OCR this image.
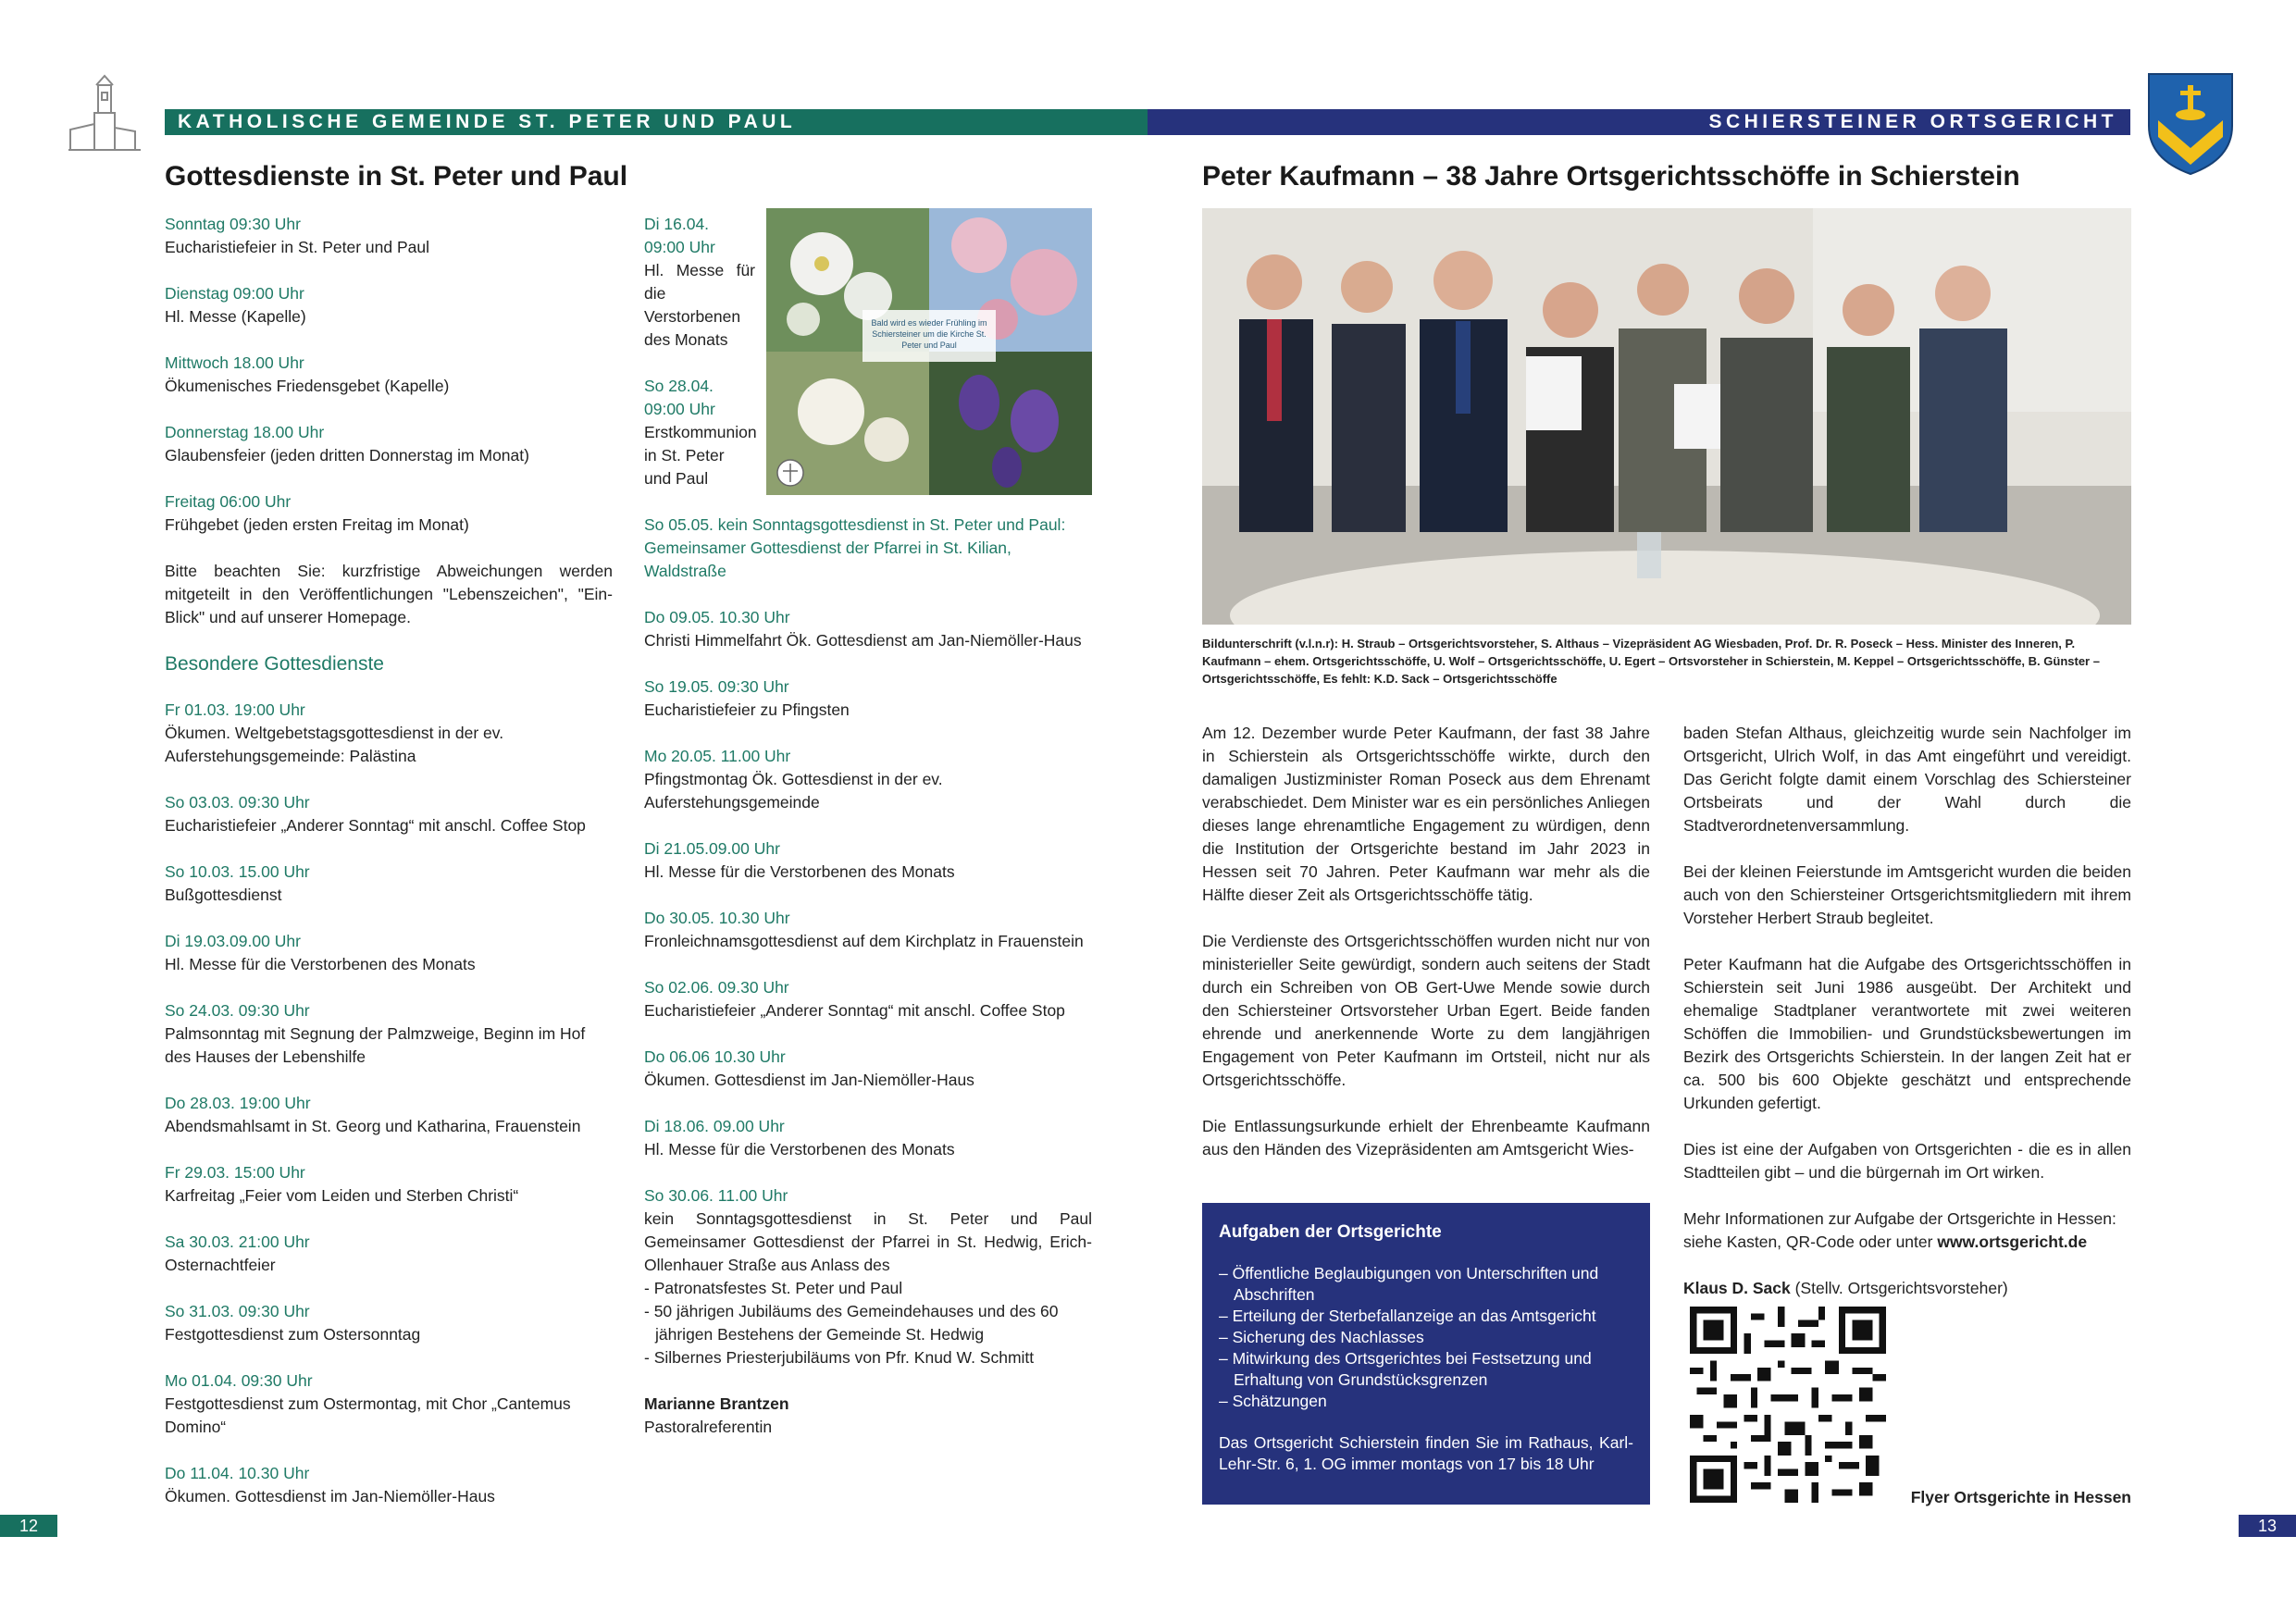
KATHOLISCHE GEMEINDE ST. PETER UND PAUL	SCHIERSTEINER ORTSGERICHT
Gottesdienste in St. Peter und Paul
Sonntag 09:30 Uhr
Eucharistiefeier in St. Peter und Paul
Dienstag 09:00 Uhr
Hl. Messe (Kapelle)
Mittwoch 18.00 Uhr
Ökumenisches Friedensgebet (Kapelle)
Donnerstag 18.00 Uhr
Glaubensfeier (jeden dritten Donnerstag im Monat)
Freitag 06:00 Uhr
Frühgebet (jeden ersten Freitag im Monat)

Bitte beachten Sie: kurzfristige Abweichungen werden mitgeteilt in den Veröffentlichungen "Lebenszeichen", "Ein-Blick" und auf unserer Homepage.

Besondere Gottesdienste
Fr 01.03. 19:00 Uhr
Ökumen. Weltgebetstagsgottesdienst in der ev. Auferstehungsgemeinde: Palästina
So 03.03. 09:30 Uhr
Eucharistiefeier „Anderer Sonntag“ mit anschl. Coffee Stop
So 10.03. 15.00 Uhr
Bußgottesdienst
Di 19.03.09.00 Uhr
Hl. Messe für die Verstorbenen des Monats
So 24.03. 09:30 Uhr
Palmsonntag mit Segnung der Palmzweige, Beginn im Hof des Hauses der Lebenshilfe
Do 28.03. 19:00 Uhr
Abendsmahlsamt in St. Georg und Katharina, Frauenstein
Fr 29.03. 15:00 Uhr
Karfreitag „Feier vom Leiden und Sterben Christi“
Sa 30.03. 21:00 Uhr
Osternachtfeier
So 31.03. 09:30 Uhr
Festgottesdienst zum Ostersonntag
Mo 01.04. 09:30 Uhr
Festgottesdienst zum Ostermontag, mit Chor „Cantemus Domino“
Do 11.04. 10.30 Uhr
Ökumen. Gottesdienst im Jan-Niemöller-Haus
Di 16.04.
09:00 Uhr
Hl. Messe für die Verstorbenen des Monats
So 28.04.
09:00 Uhr
Erstkommunion in St. Peter und Paul
Bald wird es wieder Frühling im Schiersteiner um die Kirche St. Peter und Paul

So 05.05. kein Sonntagsgottesdienst in St. Peter und Paul: Gemeinsamer Gottesdienst der Pfarrei in St. Kilian, Waldstraße

Do 09.05. 10.30 Uhr
Christi Himmelfahrt Ök. Gottesdienst am Jan-Niemöller-Haus
So 19.05. 09:30 Uhr
Eucharistiefeier zu Pfingsten
Mo 20.05. 11.00 Uhr
Pfingstmontag Ök. Gottesdienst in der ev. Auferstehungsgemeinde
Di 21.05.09.00 Uhr
Hl. Messe für die Verstorbenen des Monats
Do 30.05. 10.30 Uhr
Fronleichnamsgottesdienst auf dem Kirchplatz in Frauenstein
So 02.06. 09.30 Uhr
Eucharistiefeier „Anderer Sonntag“ mit anschl. Coffee Stop
Do 06.06 10.30 Uhr
Ökumen. Gottesdienst im Jan-Niemöller-Haus
Di 18.06. 09.00 Uhr
Hl. Messe für die Verstorbenen des Monats
So 30.06. 11.00 Uhr
kein Sonntagsgottesdienst in St. Peter und Paul Gemeinsamer Gottesdienst der Pfarrei in St. Hedwig, Erich-Ollenhauer Straße aus Anlass des
- Patronatsfestes St. Peter und Paul
- 50 jährigen Jubiläums des Gemeindehauses und des 60 jährigen Bestehens der Gemeinde St. Hedwig
- Silbernes Priesterjubiläums von Pfr. Knud W. Schmitt
Marianne Brantzen
Pastoralreferentin
Peter Kaufmann – 38 Jahre Ortsgerichtsschöffe in Schierstein
Bildunterschrift (v.l.n.r): H. Straub – Ortsgerichtsvorsteher, S. Althaus – Vizepräsident AG Wiesbaden, Prof. Dr. R. Poseck – Hess. Minister des Inneren, P. Kaufmann – ehem. Ortsgerichtsschöffe, U. Wolf – Ortsgerichtsschöffe, U. Egert – Ortsvorsteher in Schierstein, M. Keppel – Ortsgerichtsschöffe, B. Günster – Ortsgerichtsschöffe, Es fehlt: K.D. Sack – Ortsgerichtsschöffe

Am 12. Dezember wurde Peter Kaufmann, der fast 38 Jahre in Schierstein als Ortsgerichtsschöffe wirkte, durch den damaligen Justizminister Roman Poseck aus dem Ehrenamt verabschiedet. Dem Minister war es ein persönliches Anliegen dieses lange ehrenamtliche Engagement zu würdigen, denn die Institution der Ortsgerichte bestand im Jahr 2023 in Hessen seit 70 Jahren. Peter Kaufmann war mehr als die Hälfte dieser Zeit als Ortsgerichtsschöffe tätig.

Die Verdienste des Ortsgerichtsschöffen wurden nicht nur von ministerieller Seite gewürdigt, sondern auch seitens der Stadt durch ein Schreiben von OB Gert-Uwe Mende sowie durch den Schiersteiner Ortsvorsteher Urban Egert. Beide fanden ehrende und anerkennende Worte zu dem langjährigen Engagement von Peter Kaufmann im Ortsteil, nicht nur als Ortsgerichtsschöffe.

Die Entlassungsurkunde erhielt der Ehrenbeamte Kaufmann aus den Händen des Vizepräsidenten am Amtsgericht Wies-

Aufgaben der Ortsgerichte
– Öffentliche Beglaubigungen von Unterschriften und Abschriften
– Erteilung der Sterbefallanzeige an das Amtsgericht
– Sicherung des Nachlasses
– Mitwirkung des Ortsgerichtes bei Festsetzung und Erhaltung von Grundstücksgrenzen
– Schätzungen

Das Ortsgericht Schierstein finden Sie im Rathaus, Karl-Lehr-Str. 6, 1. OG immer montags von 17 bis 18 Uhr

baden Stefan Althaus, gleichzeitig wurde sein Nachfolger im Ortsgericht, Ulrich Wolf, in das Amt eingeführt und vereidigt. Das Gericht folgte damit einem Vorschlag des Schiersteiner Ortsbeirats und der Wahl durch die Stadtverordnetenversammlung.

Bei der kleinen Feierstunde im Amtsgericht wurden die beiden auch von den Schiersteiner Ortsgerichtsmitgliedern mit ihrem Vorsteher Herbert Straub begleitet.

Peter Kaufmann hat die Aufgabe des Ortsgerichtsschöffen in Schierstein seit Juni 1986 ausgeübt. Der Architekt und ehemalige Stadtplaner verantwortete mit zwei weiteren Schöffen die Immobilien- und Grundstücksbewertungen im Bezirk des Ortsgerichts Schierstein. In der langen Zeit hat er ca. 500 bis 600 Objekte geschätzt und entsprechende Urkunden gefertigt.

Dies ist eine der Aufgaben von Ortsgerichten - die es in allen Stadtteilen gibt – und die bürgernah im Ort wirken.

Mehr Informationen zur Aufgabe der Ortsgerichte in Hessen: siehe Kasten, QR-Code oder unter www.ortsgericht.de

Klaus D. Sack (Stellv. Ortsgerichtsvorsteher)

Flyer Ortsgerichte in Hessen
12	13
